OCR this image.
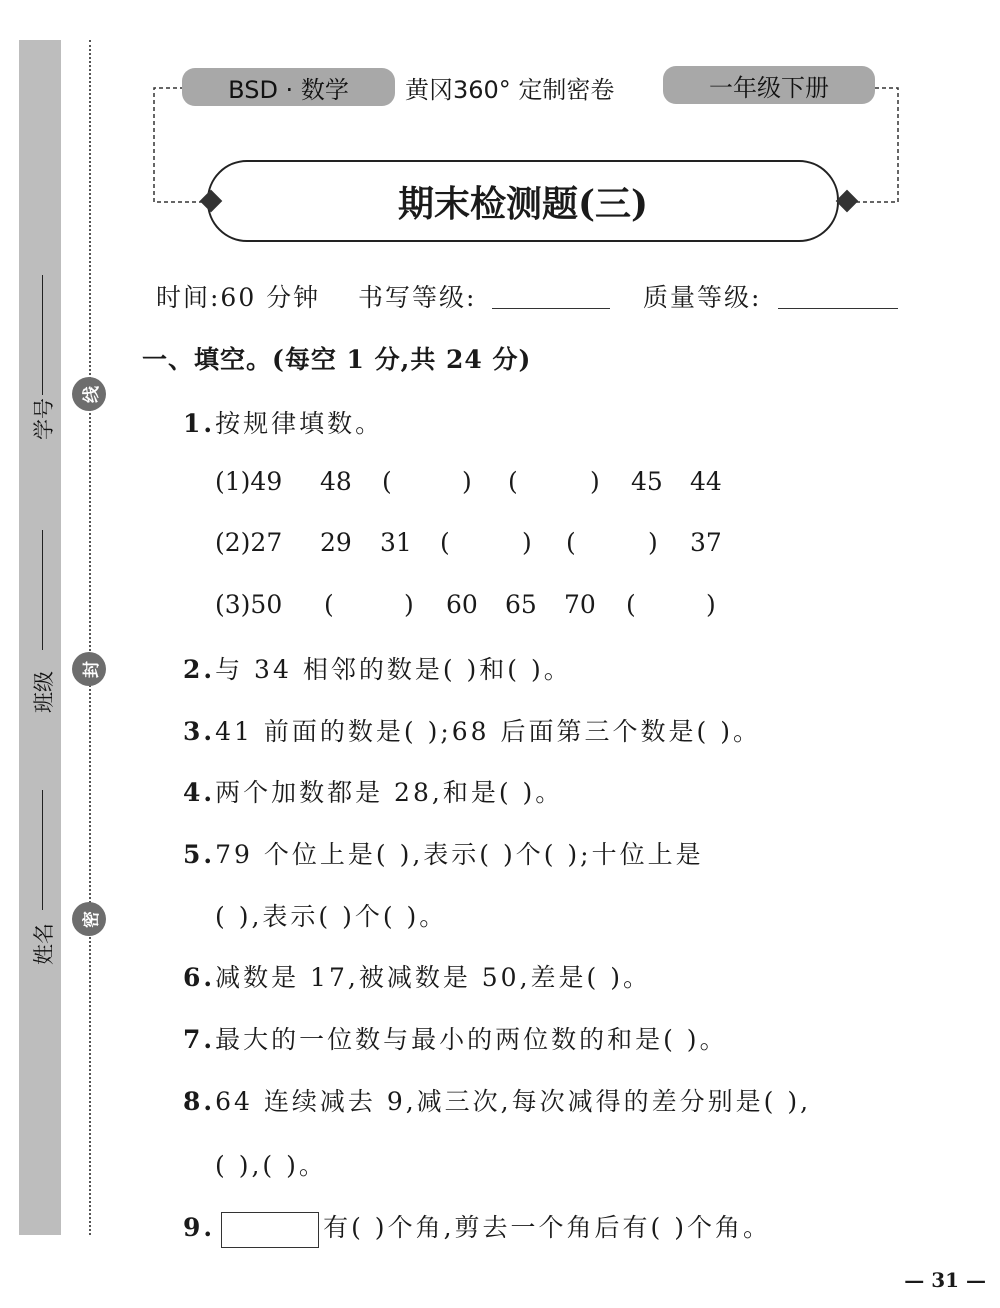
线
封
密
学号
班级
姓名
BSD · 数学	黄冈360° 定制密卷	一年级下册
期末检测题(三)
时间:60 分钟 书写等级:	质量等级:
一、填空。(每空 1 分,共 24 分)
1.按规律填数。
(1)49 48 (	) (	) 45 44
(2)27 29 31 (	) (	) 37
(3)50 (	) 60 65 70 (	)
2.与 34 相邻的数是( )和( )。
3.41 前面的数是( );68 后面第三个数是( )。
4.两个加数都是 28,和是( )。
5.79 个位上是( ),表示( )个( );十位上是
( ),表示( )个( )。
6.减数是 17,被减数是 50,差是( )。
7.最大的一位数与最小的两位数的和是( )。
8.64 连续减去 9,减三次,每次减得的差分别是( ),
( ),( )。
9.	有( )个角,剪去一个角后有( )个角。
— 31 —
